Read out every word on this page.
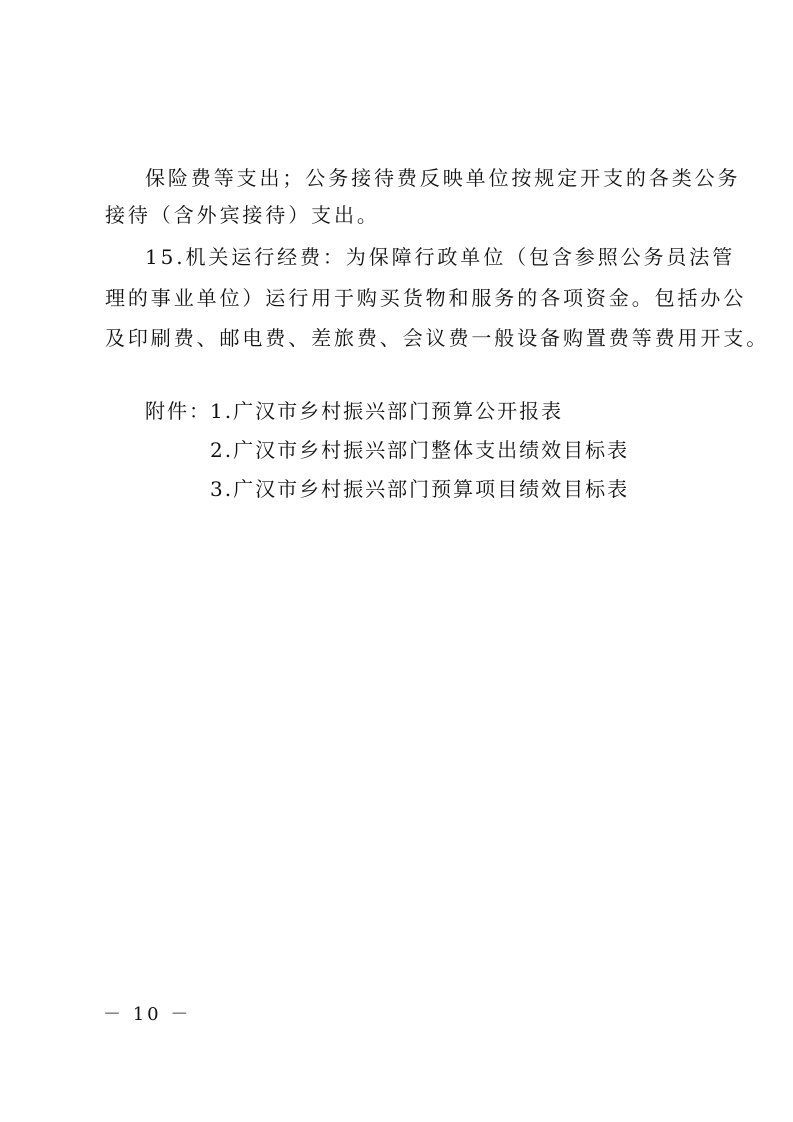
保险费等支出；公务接待费反映单位按规定开支的各类公务
接待（含外宾接待）支出。
15.机关运行经费：为保障行政单位（包含参照公务员法管
理的事业单位）运行用于购买货物和服务的各项资金。包括办公
及印刷费、邮电费、差旅费、会议费一般设备购置费等费用开支。
附件： 1.广汉市乡村振兴部门预算公开报表
2.广汉市乡村振兴部门整体支出绩效目标表
3.广汉市乡村振兴部门预算项目绩效目标表
－ 10 －
